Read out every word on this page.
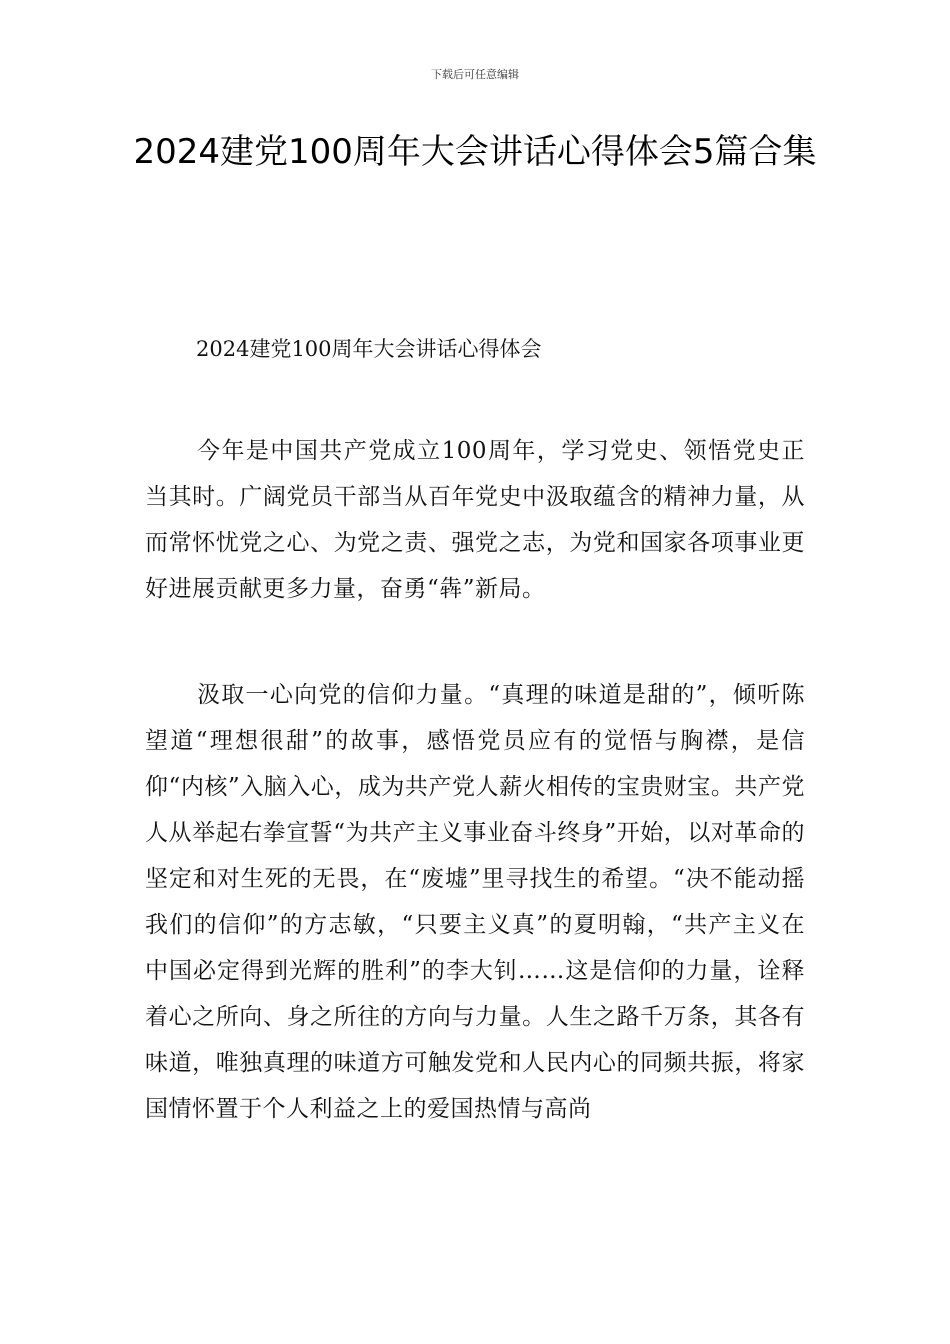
下载后可任意编辑
2024建党100周年大会讲话心得体会5篇合集
2024建党100周年大会讲话心得体会

今年是中国共产党成立100周年，学习党史、领悟党史正当其时。广阔党员干部当从百年党史中汲取蕴含的精神力量，从而常怀忧党之心、为党之责、强党之志，为党和国家各项事业更好进展贡献更多力量，奋勇“犇”新局。

汲取一心向党的信仰力量。“真理的味道是甜的”，倾听陈望道“理想很甜”的故事，感悟党员应有的觉悟与胸襟，是信仰“内核”入脑入心，成为共产党人薪火相传的宝贵财宝。共产党人从举起右拳宣誓“为共产主义事业奋斗终身”开始，以对革命的坚定和对生死的无畏，在“废墟”里寻找生的希望。“决不能动摇我们的信仰”的方志敏，“只要主义真”的夏明翰，“共产主义在中国必定得到光辉的胜利”的李大钊……这是信仰的力量，诠释着心之所向、身之所往的方向与力量。人生之路千万条，其各有味道，唯独真理的味道方可触发党和人民内心的同频共振，将家国情怀置于个人利益之上的爱国热情与高尚
